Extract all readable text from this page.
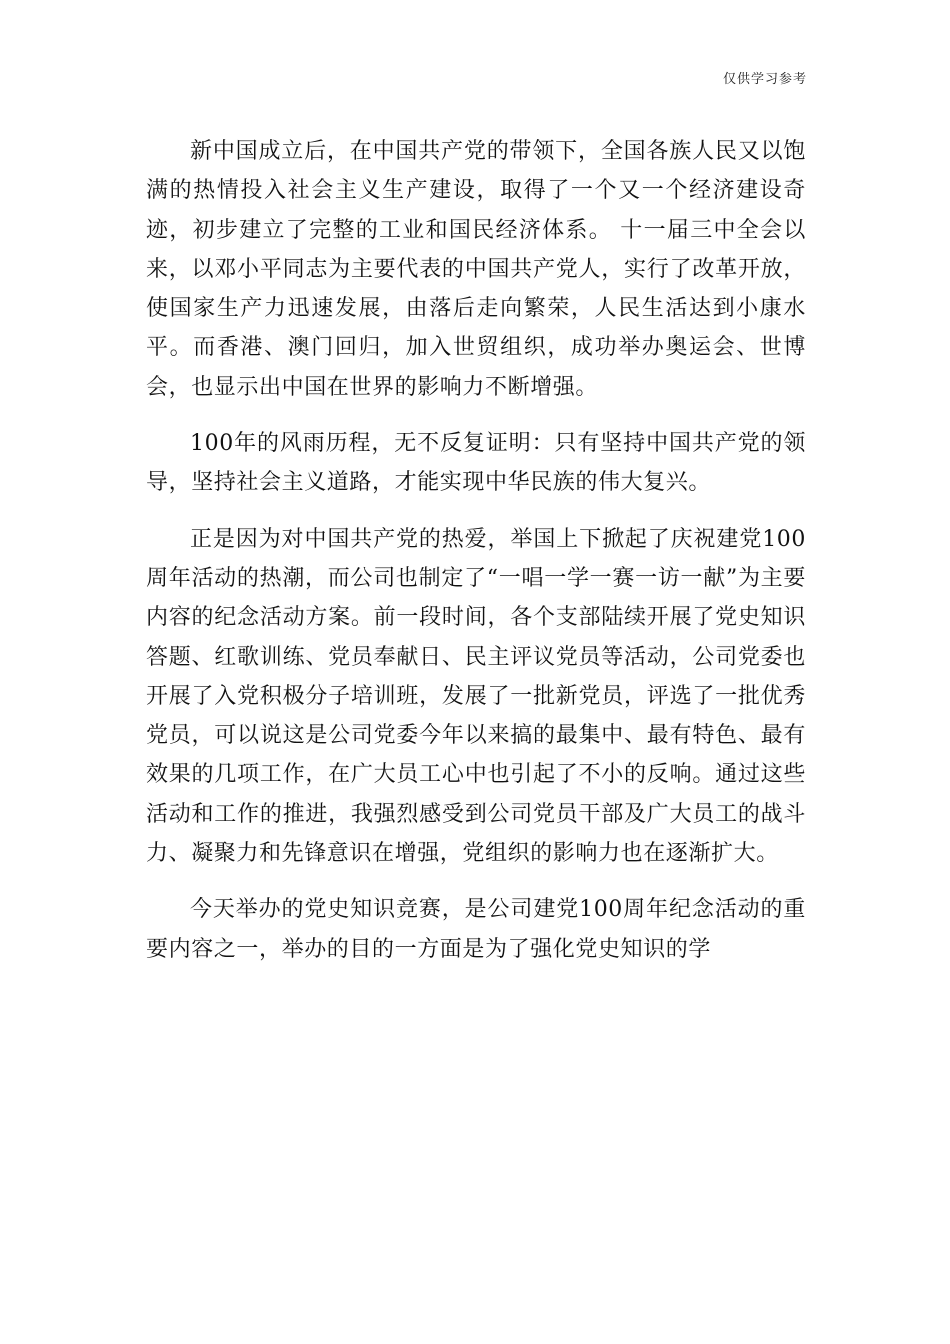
仅供学习参考

新中国成立后，在中国共产党的带领下，全国各族人民又以饱满的热情投入社会主义生产建设，取得了一个又一个经济建设奇迹，初步建立了完整的工业和国民经济体系。 十一届三中全会以来，以邓小平同志为主要代表的中国共产党人，实行了改革开放，使国家生产力迅速发展，由落后走向繁荣，人民生活达到小康水平。而香港、澳门回归，加入世贸组织，成功举办奥运会、世博会，也显示出中国在世界的影响力不断增强。

100年的风雨历程，无不反复证明：只有坚持中国共产党的领导，坚持社会主义道路，才能实现中华民族的伟大复兴。

正是因为对中国共产党的热爱，举国上下掀起了庆祝建党100周年活动的热潮，而公司也制定了“一唱一学一赛一访一献”为主要内容的纪念活动方案。前一段时间，各个支部陆续开展了党史知识答题、红歌训练、党员奉献日、民主评议党员等活动，公司党委也开展了入党积极分子培训班，发展了一批新党员，评选了一批优秀党员，可以说这是公司党委今年以来搞的最集中、最有特色、最有效果的几项工作，在广大员工心中也引起了不小的反响。通过这些活动和工作的推进，我强烈感受到公司党员干部及广大员工的战斗力、凝聚力和先锋意识在增强，党组织的影响力也在逐渐扩大。

今天举办的党史知识竞赛，是公司建党100周年纪念活动的重要内容之一，举办的目的一方面是为了强化党史知识的学
